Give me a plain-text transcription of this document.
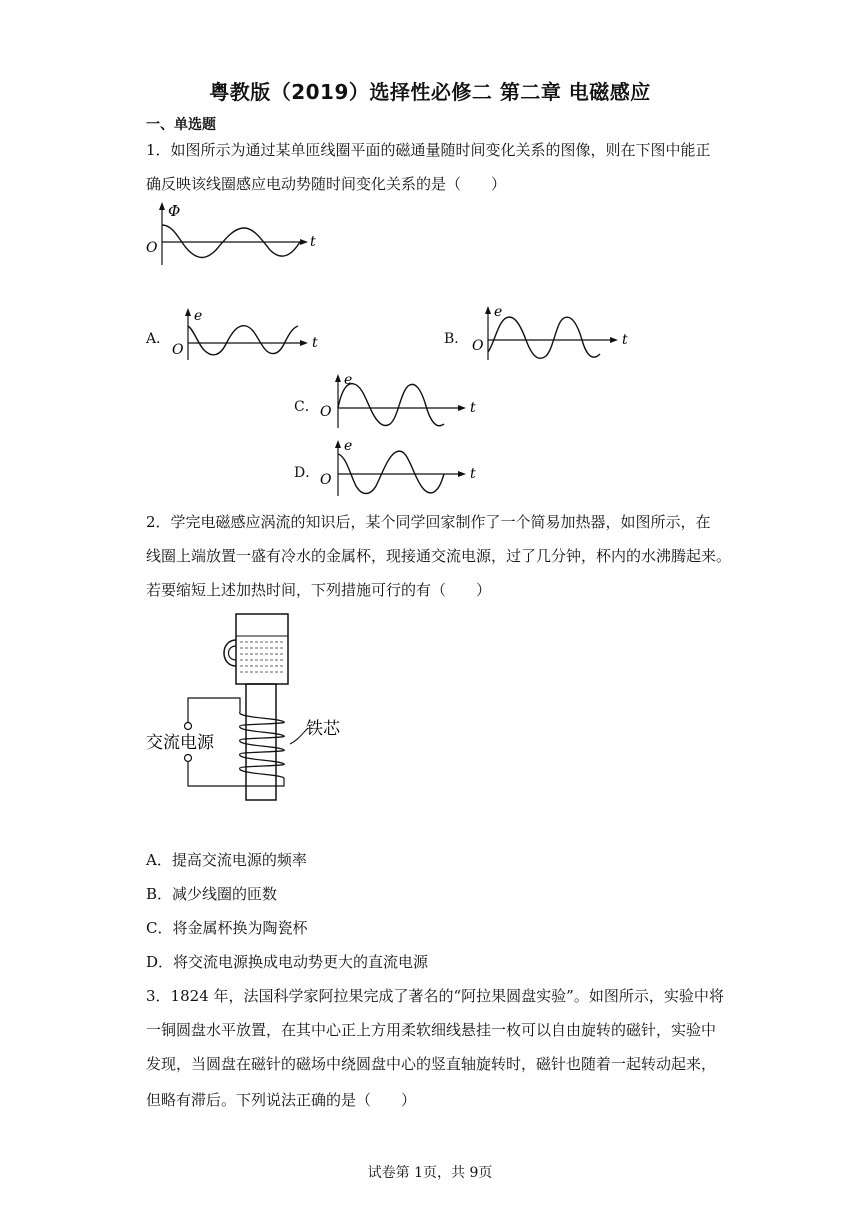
粤教版（2019）选择性必修二 第二章 电磁感应
一、单选题
1．如图所示为通过某单匝线圈平面的磁通量随时间变化关系的图像，则在下图中能正
确反映该线圈感应电动势随时间变化关系的是（　　）
Φ
O	t
A．
e
O	t	B．
e
O	t
C．
e
O	t
D．
e
O	t
2．学完电磁感应涡流的知识后，某个同学回家制作了一个简易加热器，如图所示，在
线圈上端放置一盛有冷水的金属杯，现接通交流电源，过了几分钟，杯内的水沸腾起来。
若要缩短上述加热时间，下列措施可行的有（　　）
铁芯
交流电源
A．提高交流电源的频率
B．减少线圈的匝数
C．将金属杯换为陶瓷杯
D．将交流电源换成电动势更大的直流电源
3．1824 年，法国科学家阿拉果完成了著名的“阿拉果圆盘实验”。如图所示，实验中将
一铜圆盘水平放置，在其中心正上方用柔软细线悬挂一枚可以自由旋转的磁针，实验中
发现，当圆盘在磁针的磁场中绕圆盘中心的竖直轴旋转时，磁针也随着一起转动起来，
但略有滞后。下列说法正确的是（　　）
试卷第 1页，共 9页
